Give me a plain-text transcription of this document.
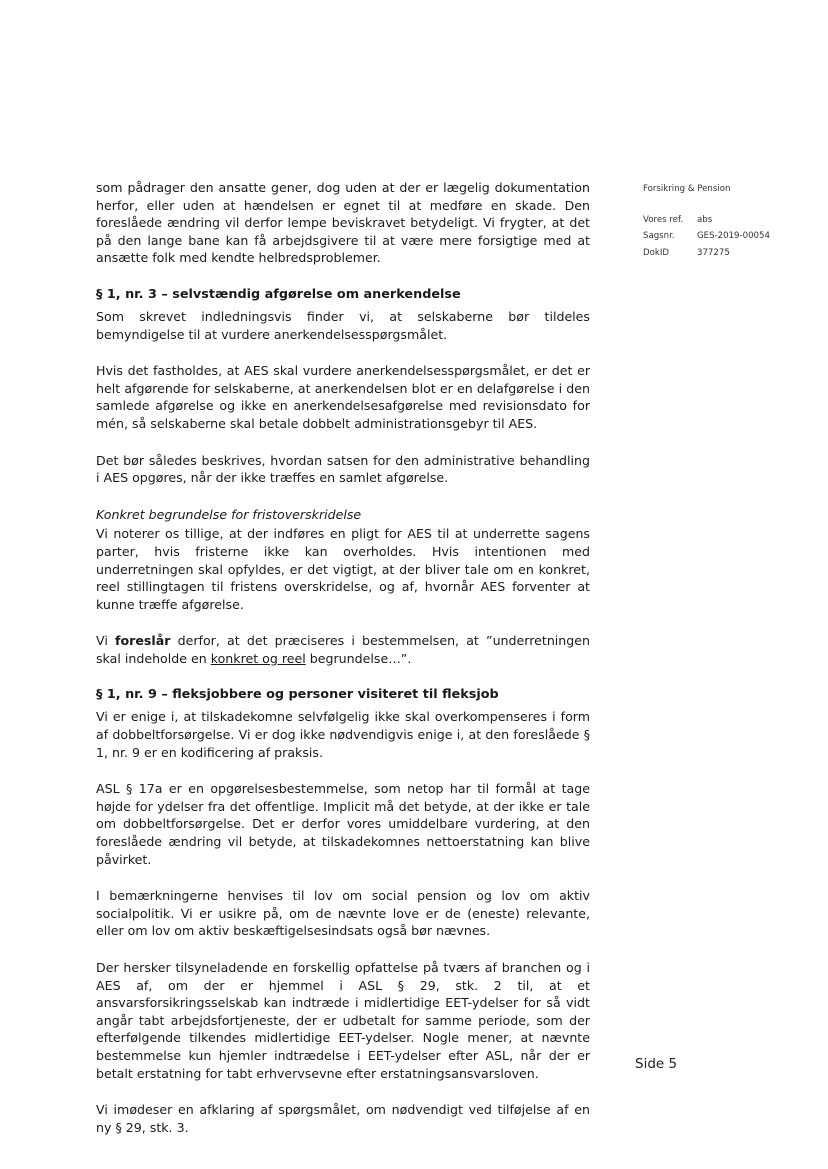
Forsikring & Pension
Vores ref.	abs
Sagsnr.	GES-2019-00054
DokID	377275

som pådrager den ansatte gener, dog uden at der er lægelig dokumentation herfor, eller uden at hændelsen er egnet til at medføre en skade. Den foreslåede ændring vil derfor lempe beviskravet betydeligt. Vi frygter, at det på den lange bane kan få arbejdsgivere til at være mere forsigtige med at ansætte folk med kendte helbredsproblemer.

§ 1, nr. 3 – selvstændig afgørelse om anerkendelse

Som skrevet indledningsvis finder vi, at selskaberne bør tildeles bemyndigelse til at vurdere anerkendelsesspørgsmålet.

Hvis det fastholdes, at AES skal vurdere anerkendelsesspørgsmålet, er det er helt afgørende for selskaberne, at anerkendelsen blot er en delafgørelse i den samlede afgørelse og ikke en anerkendelsesafgørelse med revisionsdato for mén, så selskaberne skal betale dobbelt administrationsgebyr til AES.

Det bør således beskrives, hvordan satsen for den administrative behandling i AES opgøres, når der ikke træffes en samlet afgørelse.

Konkret begrundelse for fristoverskridelse

Vi noterer os tillige, at der indføres en pligt for AES til at underrette sagens parter, hvis fristerne ikke kan overholdes. Hvis intentionen med underretningen skal opfyldes, er det vigtigt, at der bliver tale om en konkret, reel stillingtagen til fristens overskridelse, og af, hvornår AES forventer at kunne træffe afgørelse.

Vi foreslår derfor, at det præciseres i bestemmelsen, at ”underretningen skal indeholde en konkret og reel begrundelse…”.

§ 1, nr. 9 – fleksjobbere og personer visiteret til fleksjob

Vi er enige i, at tilskadekomne selvfølgelig ikke skal overkompenseres i form af dobbeltforsørgelse. Vi er dog ikke nødvendigvis enige i, at den foreslåede § 1, nr. 9 er en kodificering af praksis.

ASL § 17a er en opgørelsesbestemmelse, som netop har til formål at tage højde for ydelser fra det offentlige. Implicit må det betyde, at der ikke er tale om dobbeltforsørgelse. Det er derfor vores umiddelbare vurdering, at den foreslåede ændring vil betyde, at tilskadekomnes nettoerstatning kan blive påvirket.

I bemærkningerne henvises til lov om social pension og lov om aktiv socialpolitik. Vi er usikre på, om de nævnte love er de (eneste) relevante, eller om lov om aktiv beskæftigelsesindsats også bør nævnes.

Der hersker tilsyneladende en forskellig opfattelse på tværs af branchen og i AES af, om der er hjemmel i ASL § 29, stk. 2 til, at et ansvarsforsikringsselskab kan indtræde i midlertidige EET-ydelser for så vidt angår tabt arbejdsfortjeneste, der er udbetalt for samme periode, som der efterfølgende tilkendes midlertidige EET-ydelser. Nogle mener, at nævnte bestemmelse kun hjemler indtrædelse i EET-ydelser efter ASL, når der er betalt erstatning for tabt erhvervsevne efter erstatningsansvarsloven.

Vi imødeser en afklaring af spørgsmålet, om nødvendigt ved tilføjelse af en ny § 29, stk. 3.

Side 5
